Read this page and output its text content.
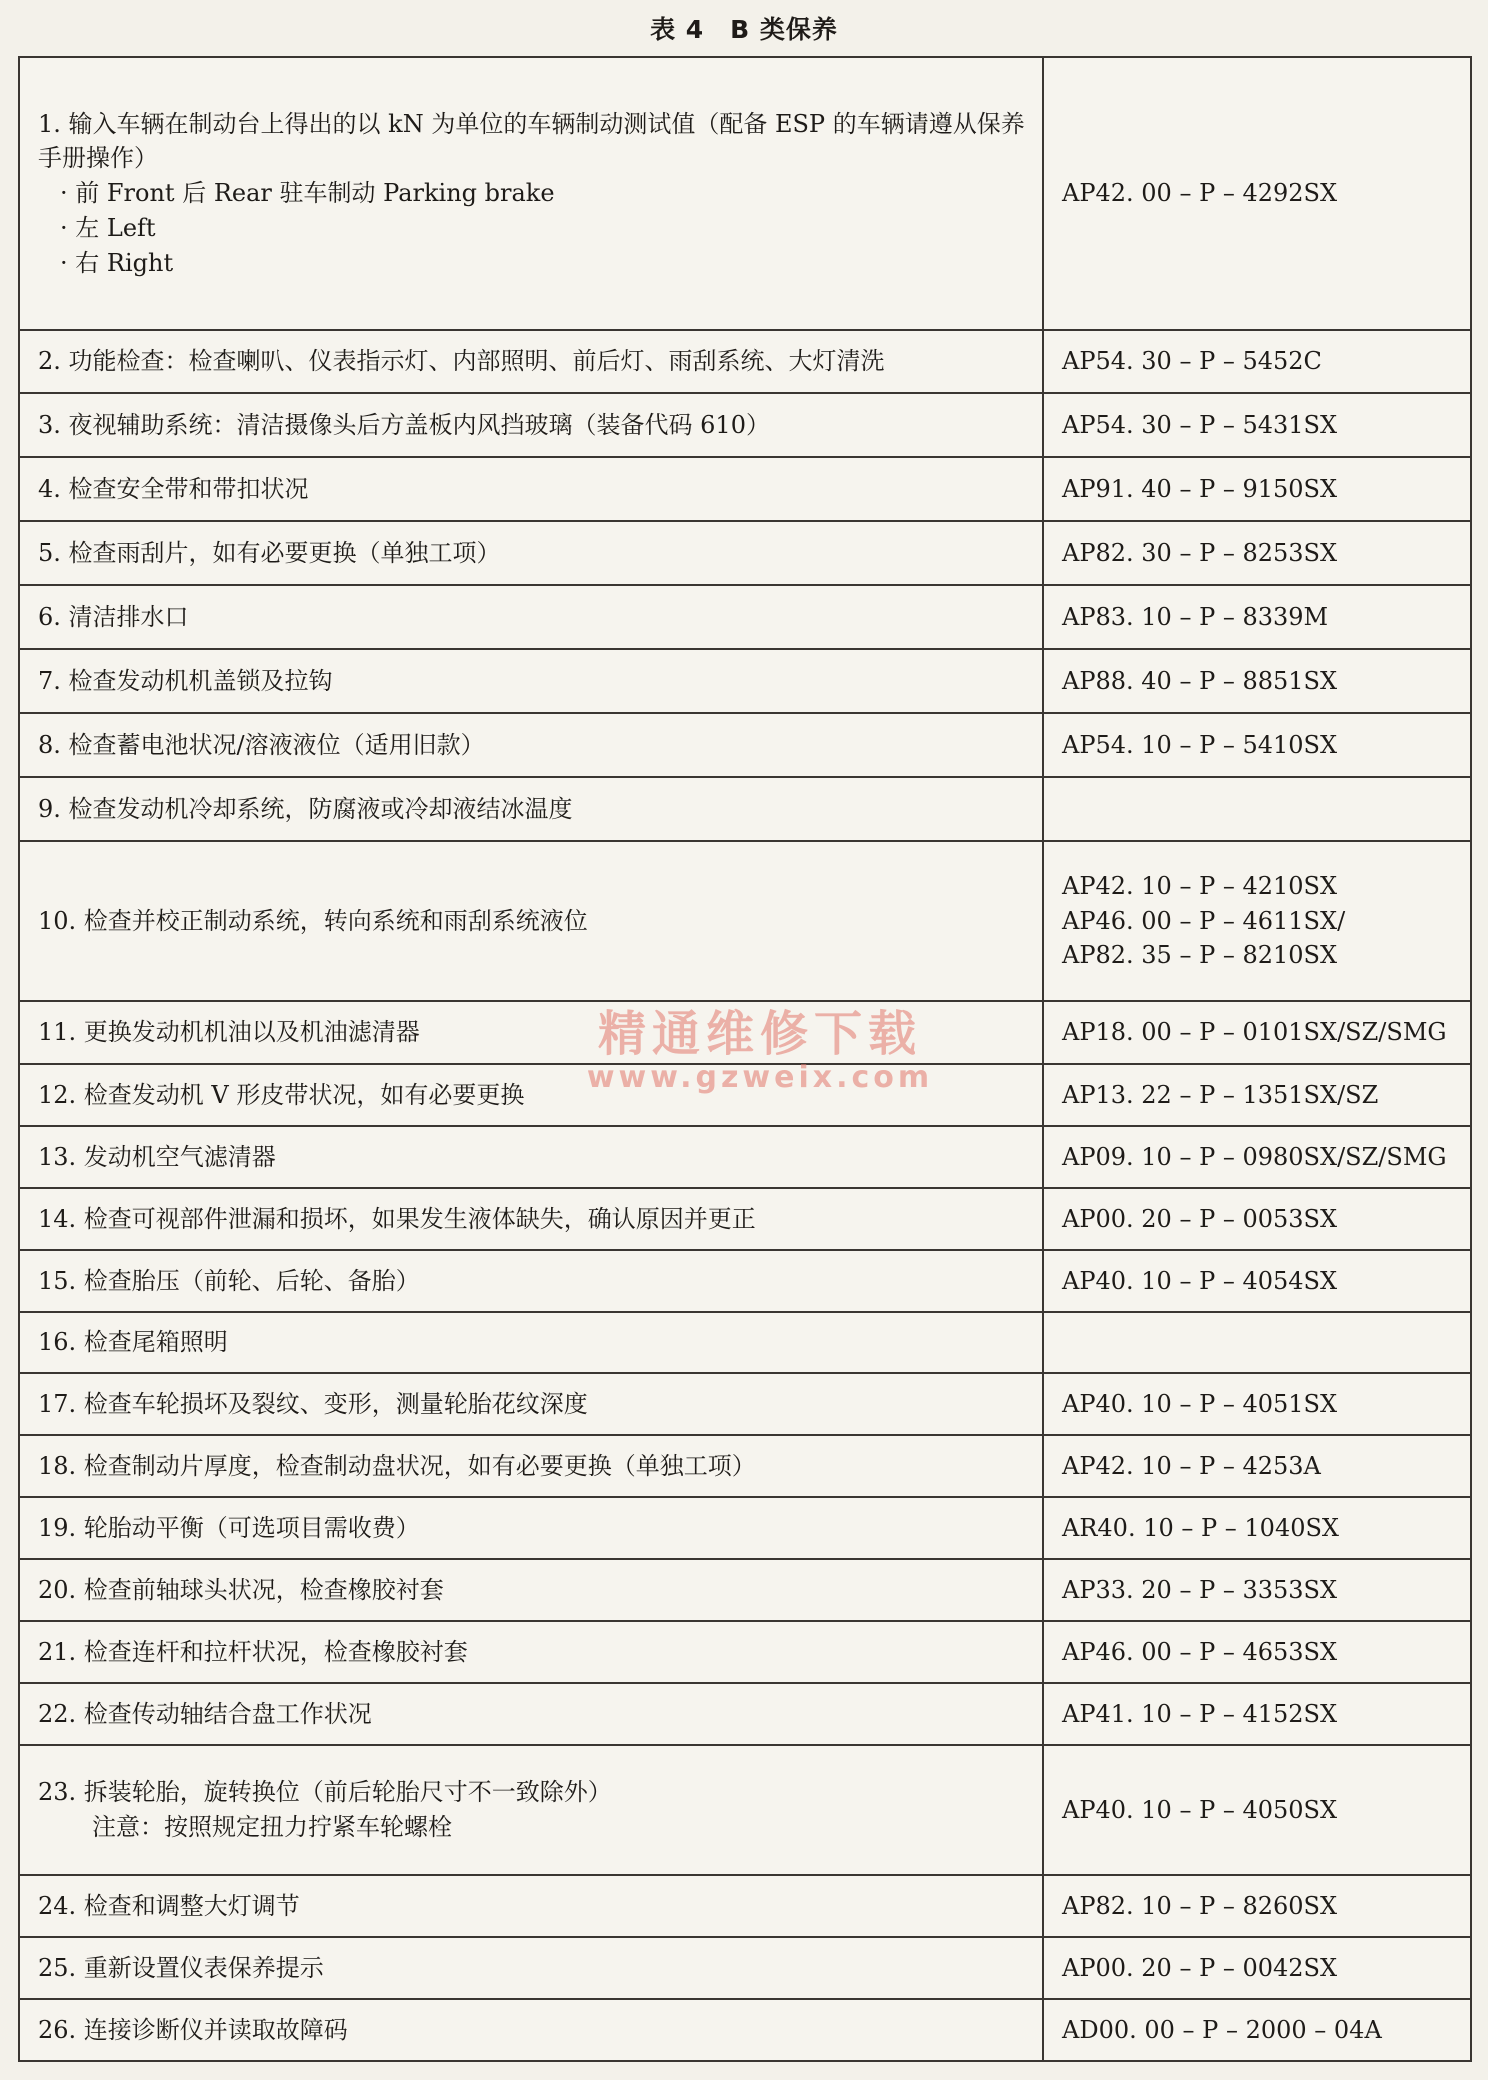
表 4　B 类保养
1. 输入车辆在制动台上得出的以 kN 为单位的车辆制动测试值（配备 ESP 的车辆请遵从保养手册操作）
· 前 Front 后 Rear 驻车制动 Parking brake
· 左 Left
· 右 Right	AP42. 00 – P – 4292SX

2. 功能检查：检查喇叭、仪表指示灯、内部照明、前后灯、雨刮系统、大灯清洗	AP54. 30 – P – 5452C

3. 夜视辅助系统：清洁摄像头后方盖板内风挡玻璃（装备代码 610）	AP54. 30 – P – 5431SX

4. 检查安全带和带扣状况	AP91. 40 – P – 9150SX

5. 检查雨刮片，如有必要更换（单独工项）	AP82. 30 – P – 8253SX

6. 清洁排水口	AP83. 10 – P – 8339M

7. 检查发动机机盖锁及拉钩	AP88. 40 – P – 8851SX

8. 检查蓄电池状况/溶液液位（适用旧款）	AP54. 10 – P – 5410SX

9. 检查发动机冷却系统，防腐液或冷却液结冰温度	

10. 检查并校正制动系统，转向系统和雨刮系统液位	AP42. 10 – P – 4210SX
AP46. 00 – P – 4611SX/
AP82. 35 – P – 8210SX

11. 更换发动机机油以及机油滤清器	AP18. 00 – P – 0101SX/SZ/SMG

12. 检查发动机 V 形皮带状况，如有必要更换	AP13. 22 – P – 1351SX/SZ

13. 发动机空气滤清器	AP09. 10 – P – 0980SX/SZ/SMG

14. 检查可视部件泄漏和损坏，如果发生液体缺失，确认原因并更正	AP00. 20 – P – 0053SX

15. 检查胎压（前轮、后轮、备胎）	AP40. 10 – P – 4054SX

16. 检查尾箱照明	

17. 检查车轮损坏及裂纹、变形，测量轮胎花纹深度	AP40. 10 – P – 4051SX

18. 检查制动片厚度，检查制动盘状况，如有必要更换（单独工项）	AP42. 10 – P – 4253A

19. 轮胎动平衡（可选项目需收费）	AR40. 10 – P – 1040SX

20. 检查前轴球头状况，检查橡胶衬套	AP33. 20 – P – 3353SX

21. 检查连杆和拉杆状况，检查橡胶衬套	AP46. 00 – P – 4653SX

22. 检查传动轴结合盘工作状况	AP41. 10 – P – 4152SX

23. 拆装轮胎，旋转换位（前后轮胎尺寸不一致除外）
注意：按照规定扭力拧紧车轮螺栓	AP40. 10 – P – 4050SX

24. 检查和调整大灯调节	AP82. 10 – P – 8260SX

25. 重新设置仪表保养提示	AP00. 20 – P – 0042SX

26. 连接诊断仪并读取故障码	AD00. 00 – P – 2000 – 04A
精通维修下载
www.gzweix.com
